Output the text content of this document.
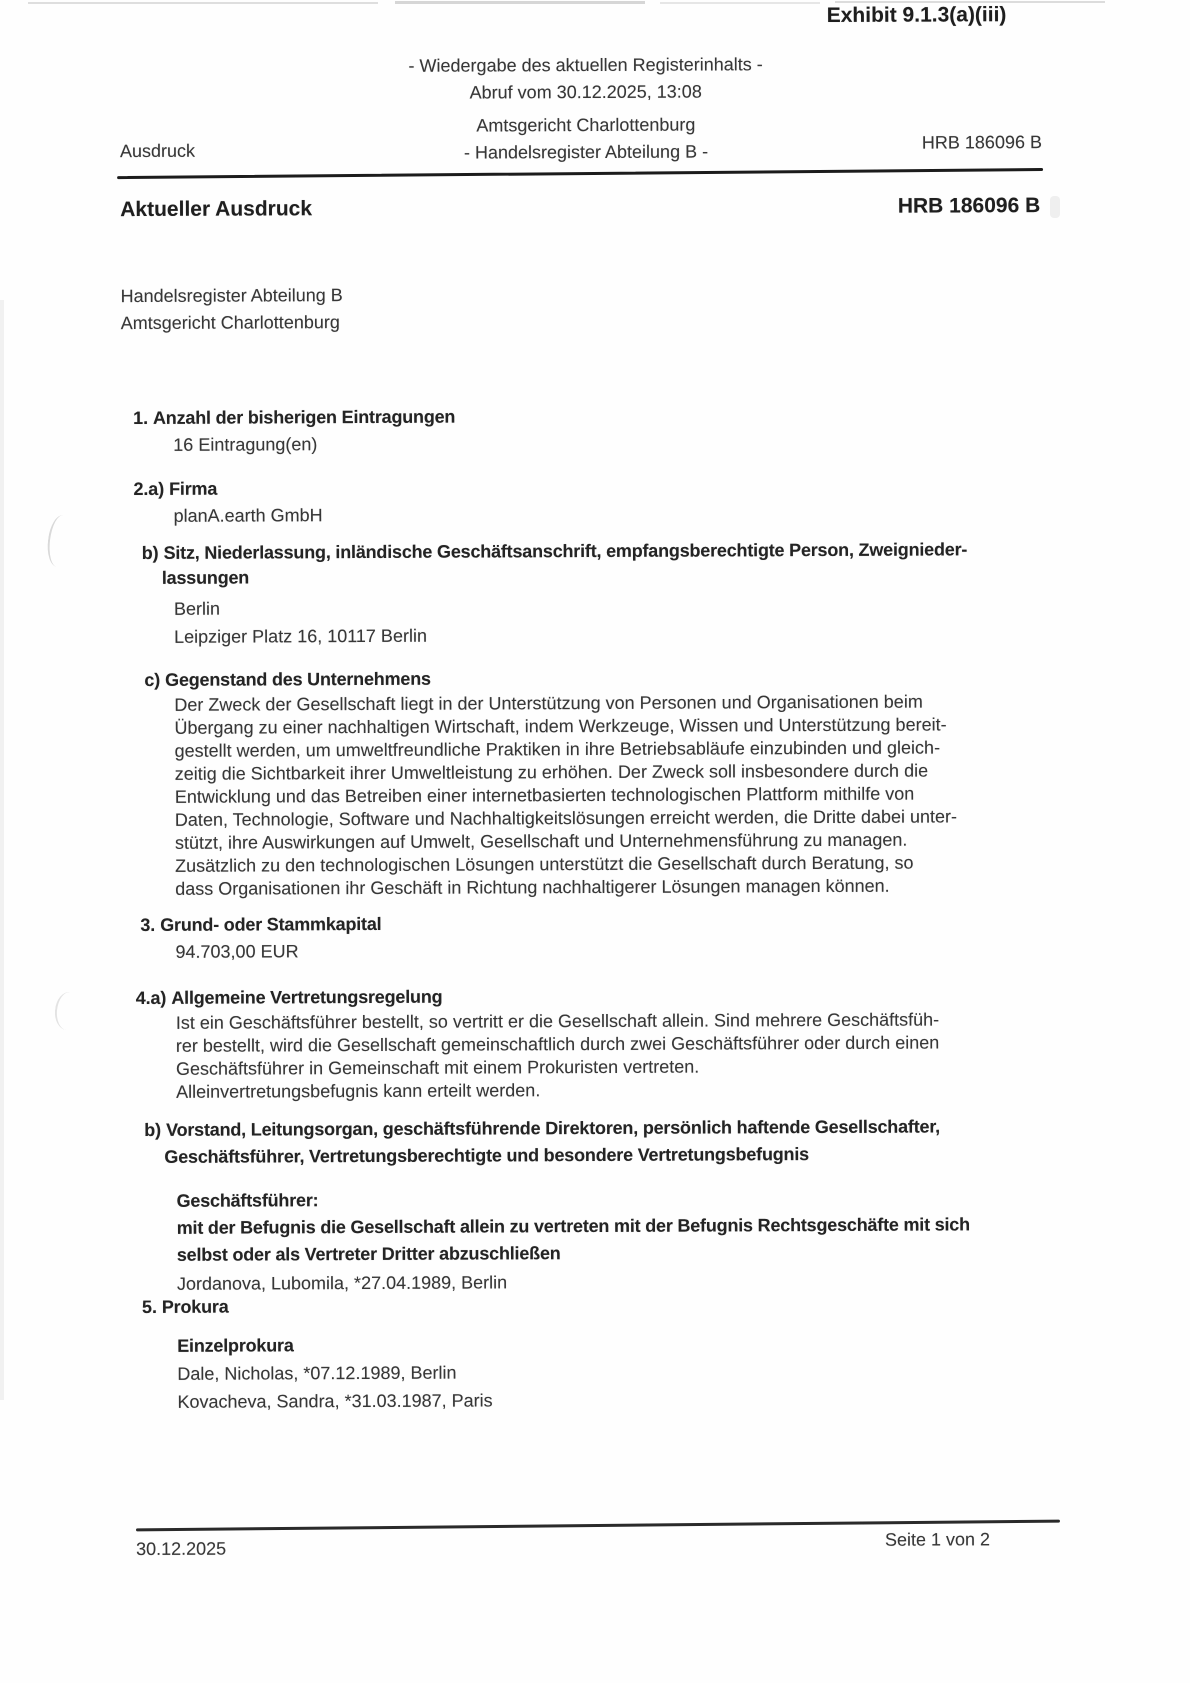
Exhibit 9.1.3(a)(iii)
- Wiedergabe des aktuellen Registerinhalts -
Abruf vom 30.12.2025, 13:08
Amtsgericht Charlottenburg
- Handelsregister Abteilung B -
Ausdruck	HRB 186096 B
Aktueller Ausdruck	HRB 186096 B
Handelsregister Abteilung B
Amtsgericht Charlottenburg
1. Anzahl der bisherigen Eintragungen
16 Eintragung(en)
2.a) Firma
planA.earth GmbH
b) Sitz, Niederlassung, inländische Geschäftsanschrift, empfangsberechtigte Person, Zweignieder-
lassungen
Berlin
Leipziger Platz 16, 10117 Berlin
c) Gegenstand des Unternehmens
Der Zweck der Gesellschaft liegt in der Unterstützung von Personen und Organisationen beim
Übergang zu einer nachhaltigen Wirtschaft, indem Werkzeuge, Wissen und Unterstützung bereit-
gestellt werden, um umweltfreundliche Praktiken in ihre Betriebsabläufe einzubinden und gleich-
zeitig die Sichtbarkeit ihrer Umweltleistung zu erhöhen. Der Zweck soll insbesondere durch die
Entwicklung und das Betreiben einer internetbasierten technologischen Plattform mithilfe von
Daten, Technologie, Software und Nachhaltigkeitslösungen erreicht werden, die Dritte dabei unter-
stützt, ihre Auswirkungen auf Umwelt, Gesellschaft und Unternehmensführung zu managen.
Zusätzlich zu den technologischen Lösungen unterstützt die Gesellschaft durch Beratung, so
dass Organisationen ihr Geschäft in Richtung nachhaltigerer Lösungen managen können.
3. Grund- oder Stammkapital
94.703,00 EUR
4.a) Allgemeine Vertretungsregelung
Ist ein Geschäftsführer bestellt, so vertritt er die Gesellschaft allein. Sind mehrere Geschäftsfüh-
rer bestellt, wird die Gesellschaft gemeinschaftlich durch zwei Geschäftsführer oder durch einen
Geschäftsführer in Gemeinschaft mit einem Prokuristen vertreten.
Alleinvertretungsbefugnis kann erteilt werden.
b) Vorstand, Leitungsorgan, geschäftsführende Direktoren, persönlich haftende Gesellschafter,
Geschäftsführer, Vertretungsberechtigte und besondere Vertretungsbefugnis
Geschäftsführer:
mit der Befugnis die Gesellschaft allein zu vertreten mit der Befugnis Rechtsgeschäfte mit sich
selbst oder als Vertreter Dritter abzuschließen
Jordanova, Lubomila, *27.04.1989, Berlin
5. Prokura
Einzelprokura
Dale, Nicholas, *07.12.1989, Berlin
Kovacheva, Sandra, *31.03.1987, Paris
30.12.2025	Seite 1 von 2
